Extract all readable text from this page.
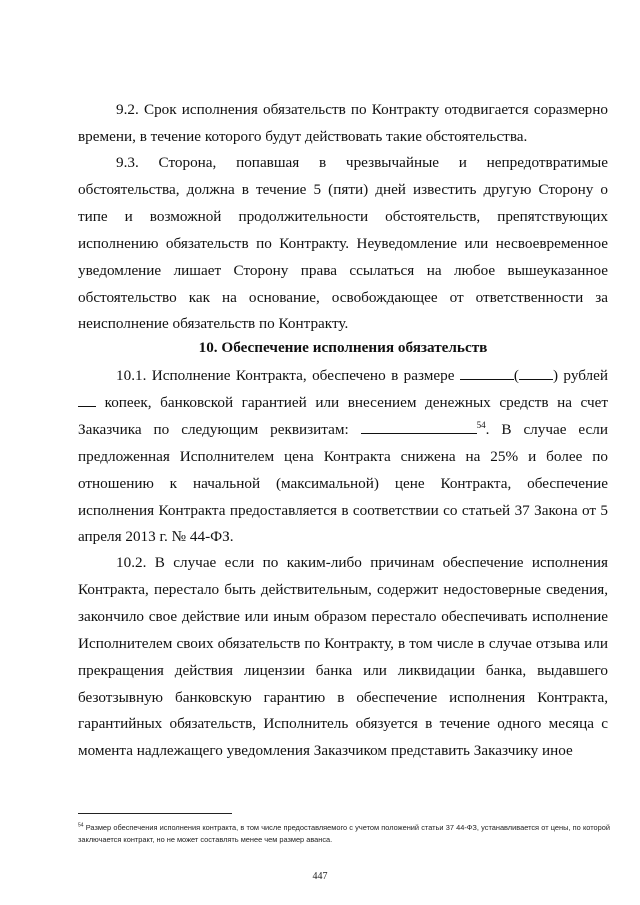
9.2. Срок исполнения обязательств по Контракту отодвигается соразмерно времени, в течение которого будут действовать такие обстоятельства.

9.3. Сторона, попавшая в чрезвычайные и непредотвратимые обстоятельства, должна в течение 5 (пяти) дней известить другую Сторону о типе и возможной продолжительности обстоятельств, препятствующих исполнению обязательств по Контракту. Неуведомление или несвоевременное уведомление лишает Сторону права ссылаться на любое вышеуказанное обстоятельство как на основание, освобождающее от ответственности за неисполнение обязательств по Контракту.

10. Обеспечение исполнения обязательств

10.1. Исполнение Контракта, обеспечено в размере	( ) рублей  копеек, банковской гарантией или внесением денежных средств на счет Заказчика по следующим реквизитам:	$^{54}$. В случае если предложенная Исполнителем цена Контракта снижена на 25% и более по отношению к начальной (максимальной) цене Контракта, обеспечение исполнения Контракта предоставляется в соответствии со статьей 37 Закона от 5 апреля 2013 г. № 44-ФЗ.

10.2. В случае если по каким-либо причинам обеспечение исполнения Контракта, перестало быть действительным, содержит недостоверные сведения, закончило свое действие или иным образом перестало обеспечивать исполнение Исполнителем своих обязательств по Контракту, в том числе в случае отзыва или прекращения действия лицензии банка или ликвидации банка, выдавшего безотзывную банковскую гарантию в обеспечение исполнения Контракта, гарантийных обязательств, Исполнитель обязуется в течение одного месяца с момента надлежащего уведомления Заказчиком представить Заказчику иное

$^{54}$ Размер обеспечения исполнения контракта, в том числе предоставляемого с учетом положений статьи 37 44-ФЗ, устанавливается от цены, по которой заключается контракт, но не может составлять менее чем размер аванса.

447
